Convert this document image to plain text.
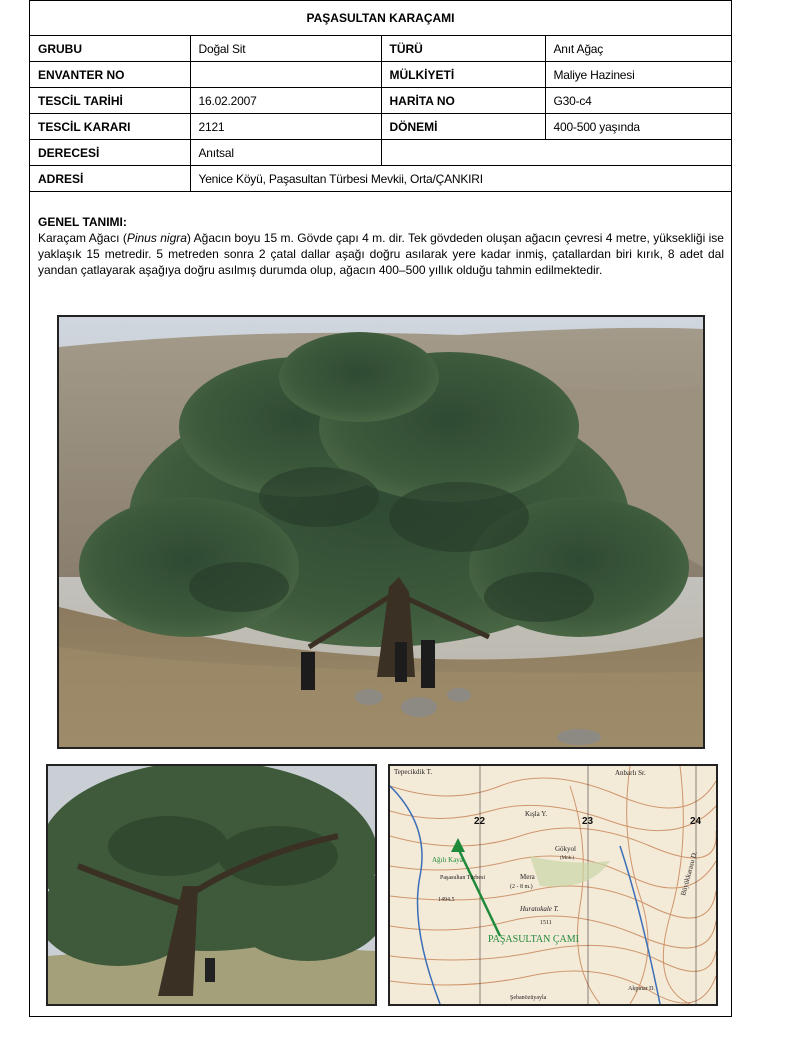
PAŞASULTAN KARAÇAMI			
GRUBU	Doğal Sit	TÜRÜ	Anıt Ağaç
ENVANTER NO		MÜLKİYETİ	Maliye Hazinesi
TESCİL TARİHİ	16.02.2007	HARİTA NO	G30-c4
TESCİL KARARI	2121	DÖNEMİ	400-500 yaşında
DERECESİ	Anıtsal		
ADRESİ	Yenice Köyü, Paşasultan Türbesi Mevkii, Orta/ÇANKIRI		
GENEL TANIMI:

Karaçam Ağacı (Pinus nigra) Ağacın boyu 15 m. Gövde çapı 4 m. dir. Tek gövdeden oluşan ağacın çevresi 4 metre, yüksekliği ise yaklaşık 15 metredir. 5 metreden sonra 2 çatal dallar aşağı doğru asılarak yere kadar inmiş, çatallardan biri kırık, 8 adet dal yandan çatlayarak aşağıya doğru asılmış durumda olup, ağacın 400–500 yıllık olduğu tahmin edilmektedir.

Tepecikdik T.	Anbarlı Sr.
Kışla Y.
Gökyol
(Mnk.)
Ağılı Kaya
Paşasultan Türbesi	Mera
(2 - 8 m.)
Huratokale T.
1494.5
1511
Şebanözüyayla
Akpınar D.
Büyükkarasu D.
22	23	24
PAŞASULTAN ÇAMI
